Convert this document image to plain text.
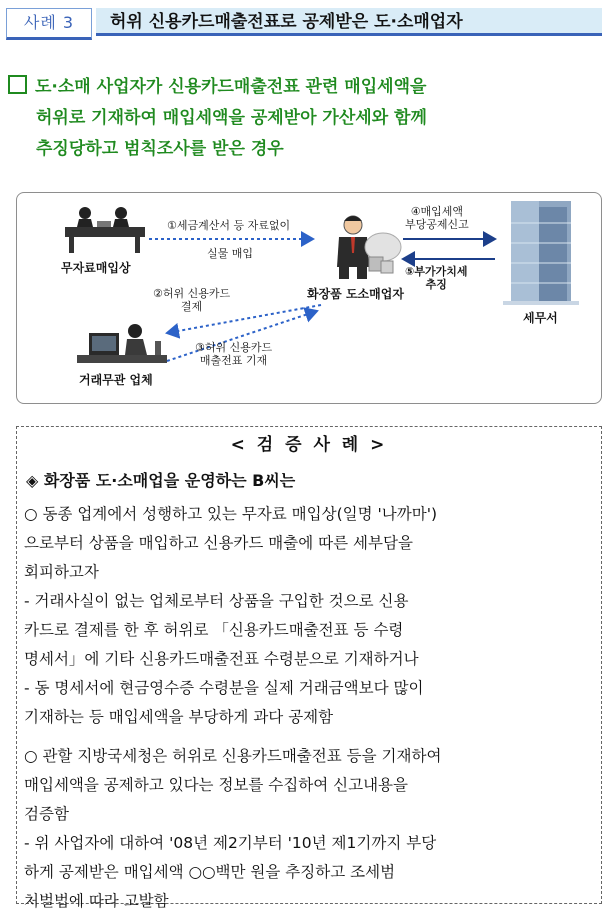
사례 3	허위 신용카드매출전표로 공제받은 도·소매업자
도·소매 사업자가 신용카드매출전표 관련 매입세액을
허위로 기재하여 매입세액을 공제받아 가산세와 함께
추징당하고 범칙조사를 받은 경우
①세금계산서 등 자료없이
실물 매입
무자료매입상
화장품 도소매업자
세무서
거래무관 업체
④매입세액
부당공제신고
⑤부가가치세
추징
②허위 신용카드
결제
③허위 신용카드
매출전표 기재
< 검 증 사 례 >
◈ 화장품 도·소매업을 운영하는 B씨는
○ 동종 업계에서 성행하고 있는 무자료 매입상(일명 '나까마')
으로부터 상품을 매입하고 신용카드 매출에 따른 세부담을
회피하고자
- 거래사실이 없는 업체로부터 상품을 구입한 것으로 신용
카드로 결제를 한 후 허위로 「신용카드매출전표 등 수령
명세서」에 기타 신용카드매출전표 수령분으로 기재하거나
- 동 명세서에 현금영수증 수령분을 실제 거래금액보다 많이
기재하는 등 매입세액을 부당하게 과다 공제함
○ 관할 지방국세청은 허위로 신용카드매출전표 등을 기재하여
매입세액을 공제하고 있다는 정보를 수집하여 신고내용을
검증함
- 위 사업자에 대하여 '08년 제2기부터 '10년 제1기까지 부당
하게 공제받은 매입세액 ○○백만 원을 추징하고 조세범
처벌법에 따라 고발함
